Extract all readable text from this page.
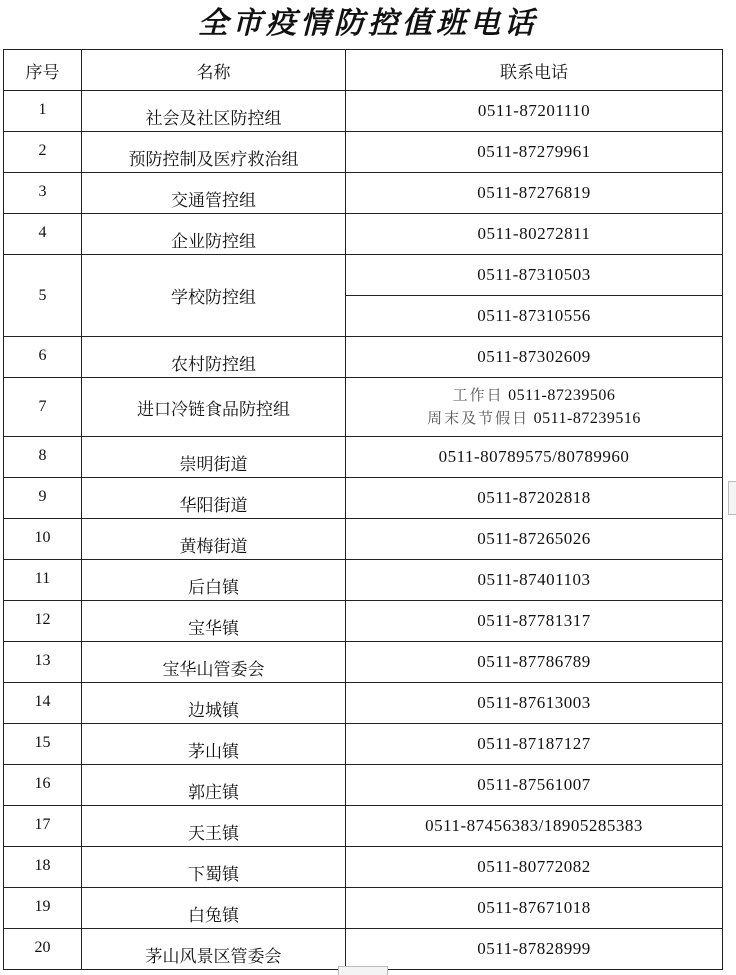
全市疫情防控值班电话
序号	名称	联系电话
1	社会及社区防控组	0511-87201110
2	预防控制及医疗救治组	0511-87279961
3	交通管控组	0511-87276819
4	企业防控组	0511-80272811
5	学校防控组	0511-87310503
		0511-87310556
6	农村防控组	0511-87302609
7	进口冷链食品防控组	工作日 0511-87239506
周末及节假日 0511-87239516

8	崇明街道	0511-80789575/80789960
9	华阳街道	0511-87202818
10	黄梅街道	0511-87265026
11	后白镇	0511-87401103
12	宝华镇	0511-87781317
13	宝华山管委会	0511-87786789
14	边城镇	0511-87613003
15	茅山镇	0511-87187127
16	郭庄镇	0511-87561007
17	天王镇	0511-87456383/18905285383
18	下蜀镇	0511-80772082
19	白兔镇	0511-87671018
20	茅山风景区管委会	0511-87828999
